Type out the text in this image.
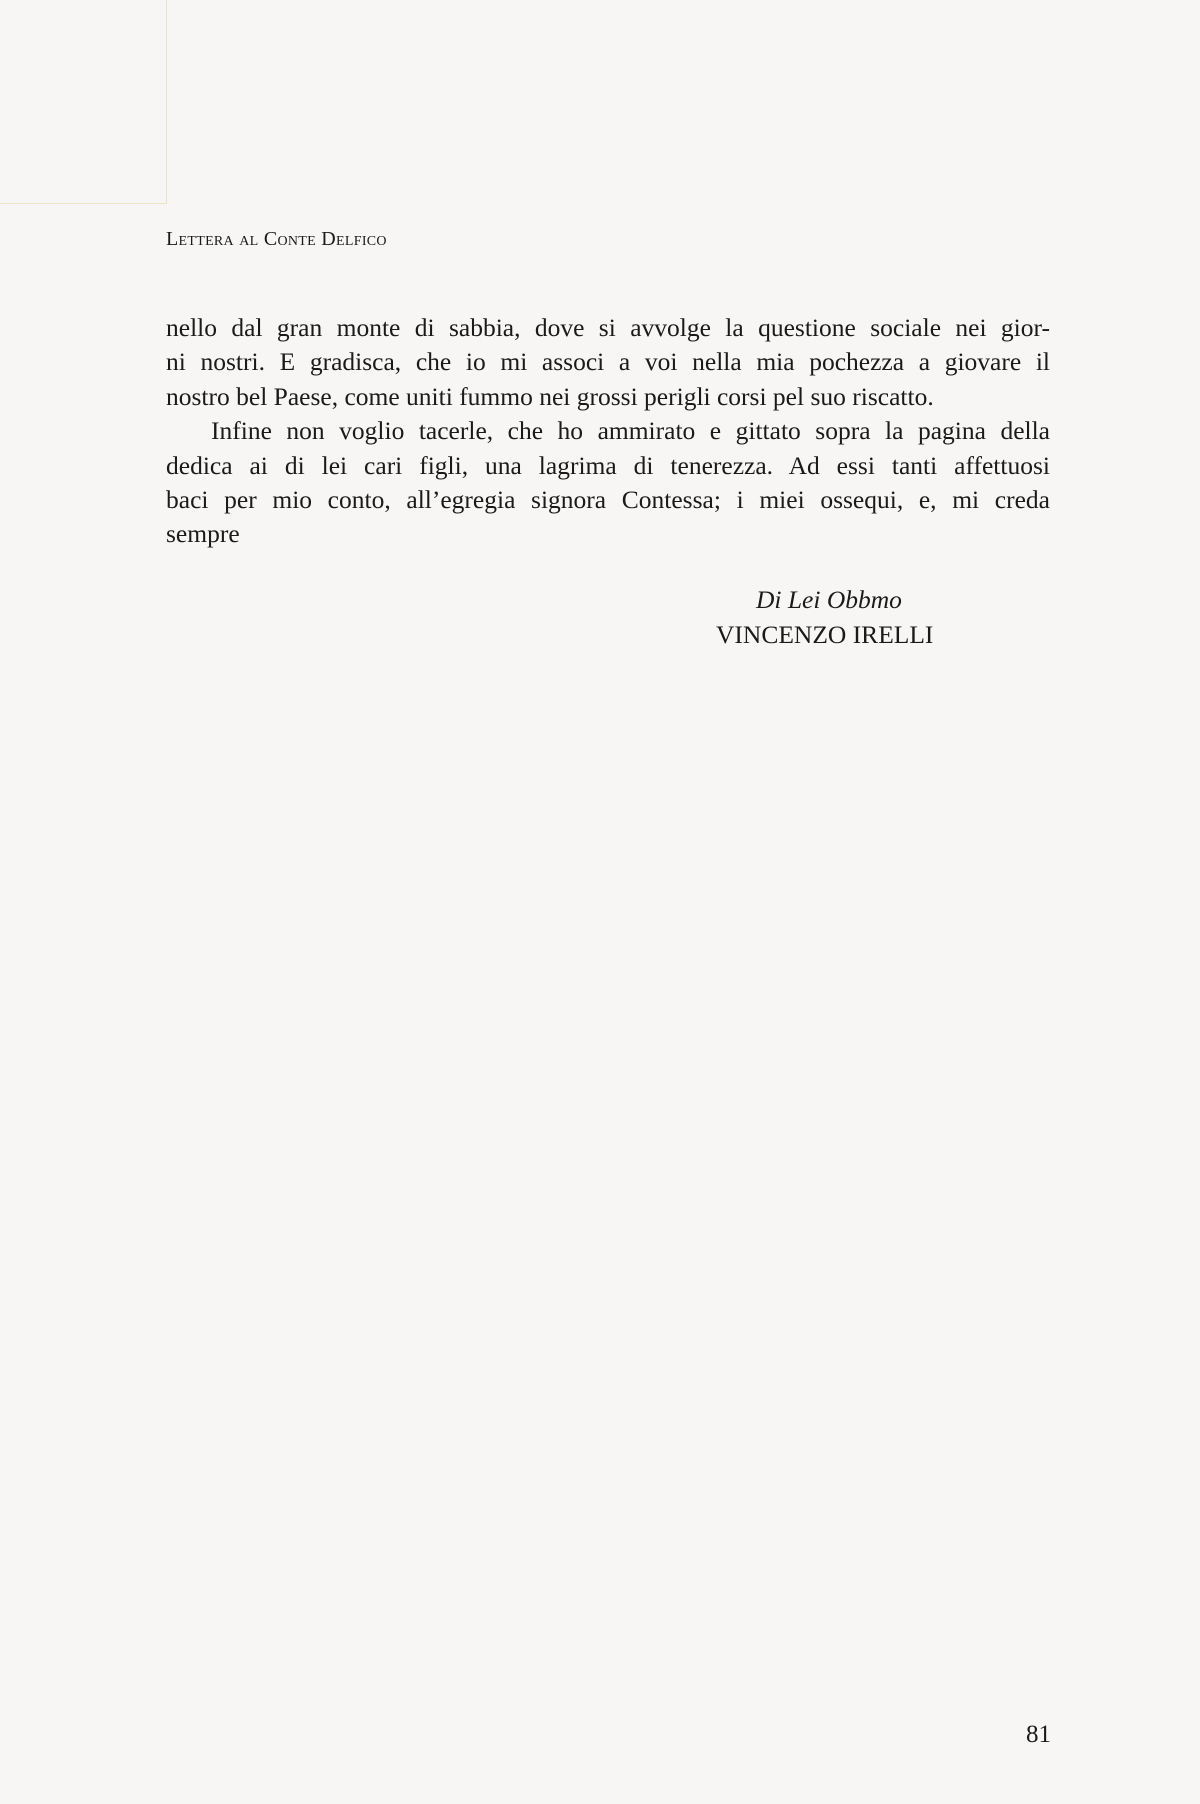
Lettera al Conte Delfico

nello dal gran monte di sabbia, dove si avvolge la questione sociale nei gior-
ni nostri. E gradisca, che io mi associ a voi nella mia pochezza a giovare il
nostro bel Paese, come uniti fummo nei grossi perigli corsi pel suo riscatto.

Infine non voglio tacerle, che ho ammirato e gittato sopra la pagina della
dedica ai di lei cari figli, una lagrima di tenerezza. Ad essi tanti affettuosi
baci per mio conto, all’egregia signora Contessa; i miei ossequi, e, mi creda
sempre

Di Lei Obbmo
VINCENZO IRELLI
81
